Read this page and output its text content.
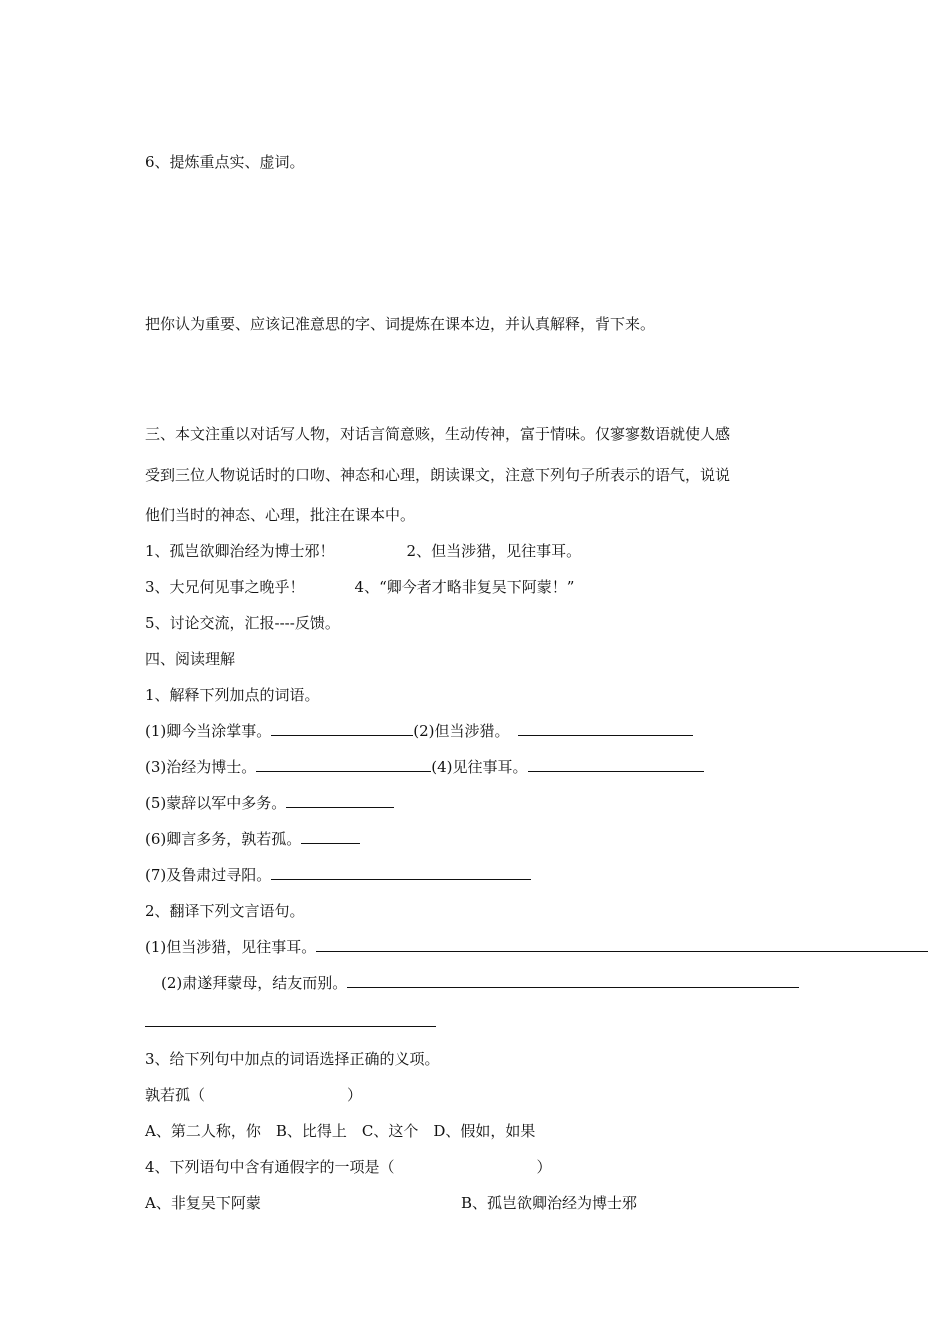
6、提炼重点实、虚词。
把你认为重要、应该记准意思的字、词提炼在课本边，并认真解释，背下来。
三、本文注重以对话写人物，对话言简意赅，生动传神，富于情味。仅寥寥数语就使人感
受到三位人物说话时的口吻、神态和心理，朗读课文，注意下列句子所表示的语气，说说
他们当时的神态、心理，批注在课本中。
1、孤岂欲卿治经为博士邪！	2、但当涉猎，见往事耳。
3、大兄何见事之晚乎！	4、“卿今者才略非复吴下阿蒙！”
5、讨论交流，汇报----反馈。
四、阅读理解
1、解释下列加点的词语。
(1)卿今当涂掌事。	(2)但当涉猎。
(3)治经为博士。	(4)见往事耳。
(5)蒙辞以军中多务。
(6)卿言多务，孰若孤。
(7)及鲁肃过寻阳。
2、翻译下列文言语句。
(1)但当涉猎，见往事耳。
(2)肃遂拜蒙母，结友而别。
3、给下列句中加点的词语选择正确的义项。
孰若孤（	）
A、第二人称，你　B、比得上　C、这个　D、假如，如果
4、下列语句中含有通假字的一项是（	）
A、非复吴下阿蒙	B、孤岂欲卿治经为博士邪
